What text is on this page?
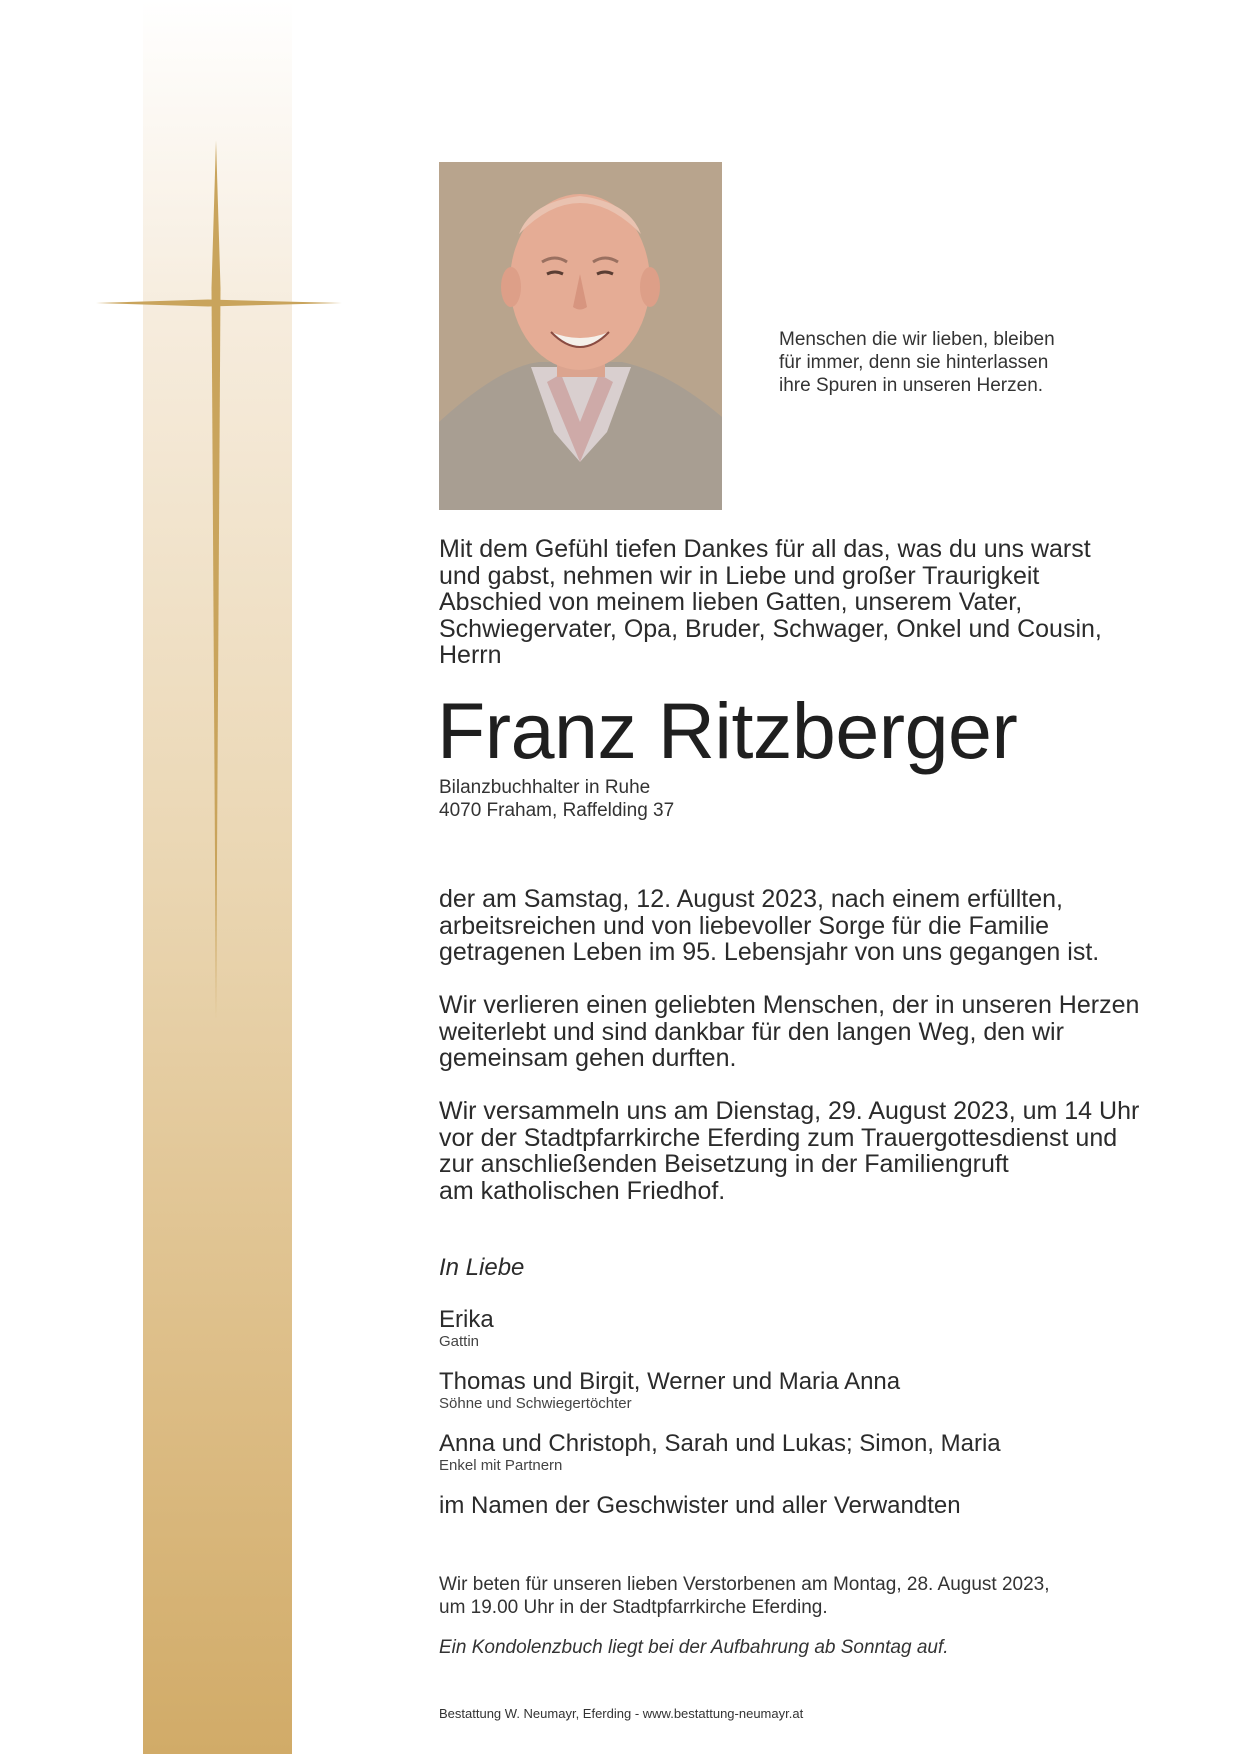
Menschen die wir lieben, bleiben
für immer, denn sie hinterlassen
ihre Spuren in unseren Herzen.
Mit dem Gefühl tiefen Dankes für all das, was du uns warst
und gabst, nehmen wir in Liebe und großer Traurigkeit
Abschied von meinem lieben Gatten, unserem Vater,
Schwiegervater, Opa, Bruder, Schwager, Onkel und Cousin,
Herrn
Franz Ritzberger
Bilanzbuchhalter in Ruhe
4070 Fraham, Raffelding 37
der am Samstag, 12. August 2023, nach einem erfüllten,
arbeitsreichen und von liebevoller Sorge für die Familie
getragenen Leben im 95. Lebensjahr von uns gegangen ist.
Wir verlieren einen geliebten Menschen, der in unseren Herzen
weiterlebt und sind dankbar für den langen Weg, den wir
gemeinsam gehen durften.
Wir versammeln uns am Dienstag, 29. August 2023, um 14 Uhr
vor der Stadtpfarrkirche Eferding zum Trauergottesdienst und
zur anschließenden Beisetzung in der Familiengruft
am katholischen Friedhof.
In Liebe
Erika
Gattin
Thomas und Birgit, Werner und Maria Anna
Söhne und Schwiegertöchter
Anna und Christoph, Sarah und Lukas; Simon, Maria
Enkel mit Partnern
im Namen der Geschwister und aller Verwandten
Wir beten für unseren lieben Verstorbenen am Montag, 28. August 2023,
um 19.00 Uhr in der Stadtpfarrkirche Eferding.
Ein Kondolenzbuch liegt bei der Aufbahrung ab Sonntag auf.
Bestattung W. Neumayr, Eferding - www.bestattung-neumayr.at
